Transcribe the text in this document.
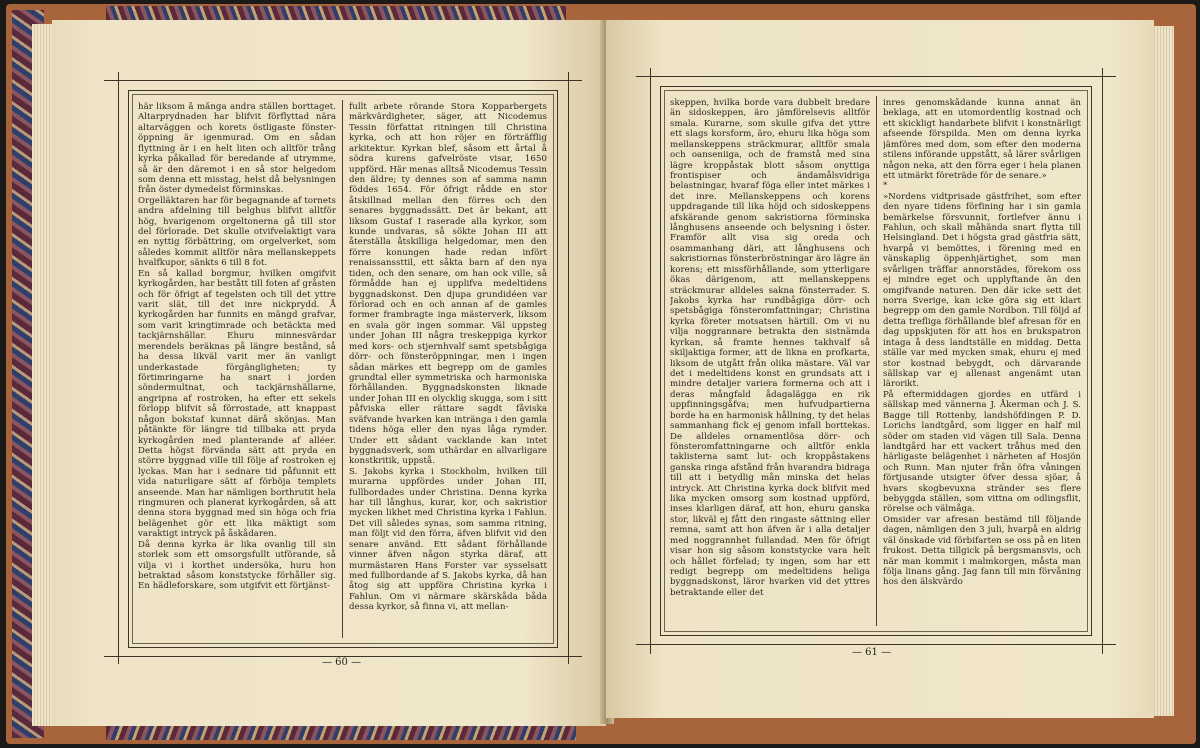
här liksom å många andra ställen borttaget. Altarprydnaden har blifvit förflyttad nära altarväggen och korets östligaste fönster-öppning är igenmurad. Om en sådan flyttning är i en helt liten och alltför trång kyrka påkallad för beredande af utrymme, så är den däremot i en så stor helgedom som denna ett misstag, helst då belysningen från öster dymedelst förminskas.
Orgelläktaren har för begagnande af tornets andra afdelning till belghus blifvit alltför hög, hvarigenom orgeltonerna gå till stor del förlorade. Det skulle otvifvelaktigt vara en nyttig förbättring, om orgelverket, som således kommit alltför nära mellanskeppets hvalfkupor, sänkts 6 till 8 fot.
En så kallad borgmur, hvilken omgifvit kyrkogården, har bestått till foten af gråsten och för öfrigt af tegelsten och till det yttre varit slät, till det inre nickprydd. Å kyrkogården har funnits en mängd grafvar, som varit kringtimrade och betäckta med tackjärnshällar. Ehuru minnesvärdar merendels beräknas på längre bestånd, så ha dessa likväl varit mer än vanligt underkastade förgängligheten; ty förtimringarne ha snart i jorden söndermultnat, och tackjärnshällarne, angripna af rostroken, ha efter ett sekels förlopp blifvit så förrostade, att knappast någon bokstaf kunnat därå skönjas. Man påtänkte för längre tid tillbaka att pryda kyrkogården med planterande af alléer. Detta högst förvända sätt att pryda en större byggnad ville till följe af rostroken ej lyckas. Man har i sednare tid påfunnit ett vida naturligare sätt af förböja templets anseende. Man har nämligen borthrutit hela ringmuren och planerat kyrkogården, så att denna stora byggnad med sin höga och fria belägenhet gör ett lika mäktigt som varaktigt intryck på åskådaren.
Då denna kyrka är lika ovanlig till sin storlek som ett omsorgsfullt utförande, så vilja vi i korthet undersöka, huru hon betraktad såsom konststycke förhåller sig. En hädleforskare, som utgifvit ett förtjänst-
fullt arbete rörande Stora Kopparbergets märkvärdigheter, säger, att Nicodemus Tessin författat ritningen till Christina kyrka, och att hon röjer en förträfflig arkitektur. Kyrkan blef, såsom ett årtal å södra kurens gafvelröste visar, 1650 uppförd. Här menas alltså Nicodemus Tessin den äldre; ty dennes son af samma namn föddes 1654. För öfrigt rådde en stor åtskillnad mellan den förres och den senares byggnadssätt. Det är bekant, att liksom Gustaf I raserade alla kyrkor, som kunde undvaras, så sökte Johan III att återställa åtskilliga helgedomar, men den förre konungen hade redan infört renaissanssttil, ett såkta barn af den nya tiden, och den senare, om han ock ville, så förmådde han ej upplifva medeltidens byggnadskonst. Den djupa grundidéen var förlorad och en och annan af de gamles former frambragte inga mästerverk, liksom en svala gör ingen sommar. Väl uppsteg under Johan III några treskeppiga kyrkor med kors- och stjernhvalf samt spetsbågiga dörr- och fönsteröppningar, men i ingen sådan märkes ett begrepp om de gamles grundtal eller symmetriska och harmoniska förhållanden. Byggnadskonsten liknade under Johan III en olycklig skugga, som i sitt påfviska eller rättare sagdt fåviska sväfvande hvarken kan inträngа i den gamla tidens höga eller den nyas låga rymder. Under ett sådant vacklande kan intet byggnadsverk, som uthärdar en allvarligare konstkritik, uppstå.
S. Jakobs kyrka i Stockholm, hvilken till murarna uppfördes under Johan III, fullbordades under Christina. Denna kyrka har till långhus, kurar, kor, och sakristior mycken likhet med Christina kyrka i Fahlun. Det vill således synas, som samma ritning, man följt vid den förra, äfven blifvit vid den senare använd. Ett sådant förhållande vinner äfven någon styrka däraf, att murmästaren Hans Forster var sysselsatt med fullbordande af S. Jakobs kyrka, då han åtog sig att uppföra Christina kyrka i Fahlun. Om vi närmare skärskåda båda dessa kyrkor, så finna vi, att mellan-
— 60 —
skeppen, hvilka borde vara dubbelt bredare än sidoskeppen, äro jämförelsevis alltför smala. Kurarne, som skulle gifva det yttre ett slags korsform, äro, ehuru lika höga som mellanskeppens sträckmurar, alltför smala och oanseniiga, och de framstå med sina lägre kroppåstak blott såsom onyttiga frontispiser och ändamålsvidriga belastningar, hvaraf föga eller intet märkes i det inre. Mellanskeppens och korens uppdragande till lika höjd och sidoskeppens afskärande genom sakristiorna förminska långhusens anseende och belysning i öster. Framför allt visa sig oreda och osammanhang däri, att långhusens och sakristiornas fönsterbröstningar äro lägre än korens; ett missförhållande, som ytterligare ökas därigenom, att mellanskeppens sträckmurar alldeles sakna fönsterrader. S. Jakobs kyrka har rundbågiga dörr- och spetsbågiga fönsteromfattningar; Christina kyrka företer motsatsen härtill. Om vi nu vilja noggrannare betrakta den sistnämda kyrkan, så framte hennes takhvalf så skiljaktiga former, att de likna en profkarta, liksom de utgått från olika mästare. Väl var det i medeltidens konst en grundsats att i mindre detaljer variera formerna och att i deras mångfald ådagalägga en rik uppfinningsgåfva; men hufvudpartierna borde ha en harmonisk hållning, ty det helas sammanhang fick ej genom infall borttekas. De alldeles ornamentlösa dörr- och fönsteromfattningarne och alltför enkla taklisterna samt lut- och kroppåstakens ganska ringa afstånd från hvarandra bidraga till att i betydlig mån minska det helas intryck. Att Christina kyrka dock blifvit med lika mycken omsorg som kostnad uppförd, inses klarligen däraf, att hon, ehuru ganska stor, likväl ej fått den ringaste sättning eller remna, samt att hon äfven är i alla detaljer med noggrannhet fullandad. Men för öfrigt visar hon sig såsom konststycke vara helt och hållet förfelad; ty ingen, som har ett redigt begrepp om medeltidens heliga byggnadskonst, läror hvarken vid det yttres betraktande eller det
inres genomskådande kunna annat än beklaga, att en utomordentlig kostnad och ett skickligt handarbete blifvit i konstnärligt afseende förspilda. Men om denna kyrka jämföres med dom, som efter den moderna stilens införande uppstått, så lärer svårligen någon neka, att den förra eger i hela planen ett utmärkt företräde för de senare.»
*
»Nordens vidtprisade gästfrihet, som efter den nyare tidens förfining har i sin gamla bemärkelse försvunnit, fortlefver ännu i Fahlun, och skall måhända snart flytta till Helsingland. Det i högsta grad gästfria sätt, hvarpå vi bemöttes, i förening med en vänskaplig öppenhjärtighet, som man svårligen träffar annorstädes, förekom oss ej mindre eget och upplyftande än den omgifvande naturen. Den där icke sett det norra Sverige, kan icke göra sig ett klart begrepp om den gamle Nordbon. Till följd af detta trefliga förhållande blef afresan för en dag uppskjuten för att hos en brukspatron intaga å dess landtställe en middag. Detta ställe var med mycken smak, ehuru ej med stor kostnad bebygdt, och därvarande sällskap var ej allenast angenämt utan lärorikt.
På eftermiddagen gjordes en utfärd i sällskap med vännerna J. Åkerman och J. S. Bagge till Rottenby, landshöfdingen P. D. Lorichs landtgård, som ligger en half mil söder om staden vid vägen till Sala. Denna landtgård har ett vackert tråhus med den härligaste belägenhet i närheten af Hosjön och Runn. Man njuter från öfra våningen förtjusande utsigter öfver dessa sjöar, å hvars skogbevuxna stränder ses flere bebyggda ställen, som vittna om odlingsflit, rörelse och välmåga.
Omsider var afresan bestämd till följande dagen, nämligen den 3 juli, hvarpå en aldrig väl önskade vid förbifarten se oss på en liten frukost. Detta tillgick på bergsmansvis, och när man kommit i malmkorgen, måsta man följa linans gång. Jag fann till min förvåning hos den älskvärdo
— 61 —
